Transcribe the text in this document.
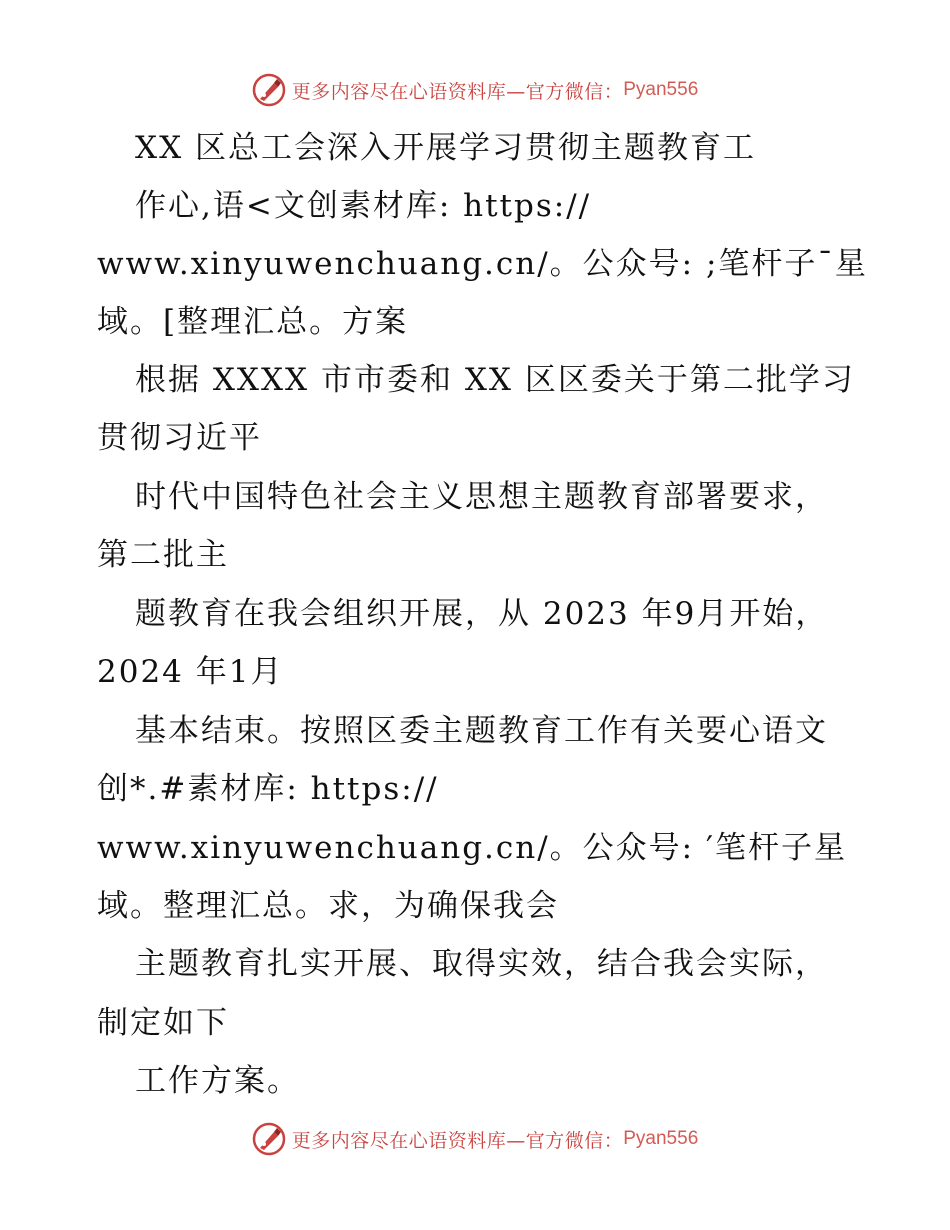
更多内容尽在心语资料库—官方微信： Pyan556
XX 区总工会深入开展学习贯彻主题教育工
作心,语<文创素材库: https://
www.xinyuwenchuang.cn/。公众号: ;笔杆子¯星
域。[整理汇总。方案
根据 XXXX 市市委和 XX 区区委关于第二批学习
贯彻习近平
时代中国特色社会主义思想主题教育部署要求，
第二批主
题教育在我会组织开展，从 2023 年9月开始，
2024 年1月
基本结束。按照区委主题教育工作有关要心语文
创*.#素材库: https://
www.xinyuwenchuang.cn/。公众号: ′笔杆子星
域。整理汇总。求，为确保我会
主题教育扎实开展、取得实效，结合我会实际，
制定如下
工作方案。
更多内容尽在心语资料库—官方微信： Pyan556
